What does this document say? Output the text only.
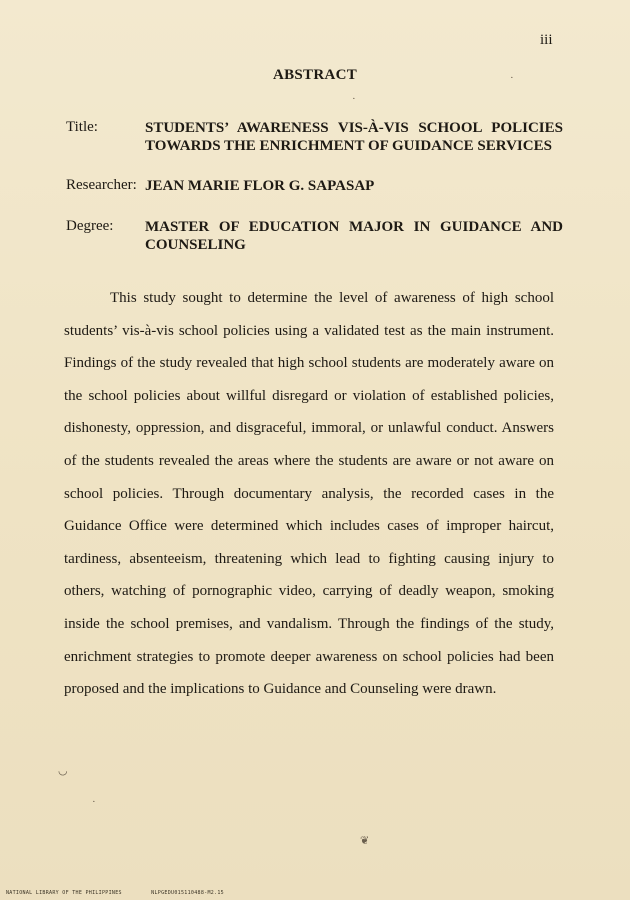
iii
ABSTRACT
Title:	STUDENTS’ AWARENESS VIS-À-VIS SCHOOL POLICIES TOWARDS THE ENRICHMENT OF GUIDANCE SERVICES
Researcher: JEAN MARIE FLOR G. SAPASAP
Degree: MASTER OF EDUCATION MAJOR IN GUIDANCE AND COUNSELING

This study sought to determine the level of awareness of high school students’ vis-à-vis school policies using a validated test as the main instrument. Findings of the study revealed that high school students are moderately aware on the school policies about willful disregard or violation of established policies, dishonesty, oppression, and disgraceful, immoral, or unlawful conduct. Answers of the students revealed the areas where the students are aware or not aware on school policies. Through documentary analysis, the recorded cases in the Guidance Office were determined which includes cases of improper haircut, tardiness, absenteeism, threatening which lead to fighting causing injury to others, watching of pornographic video, carrying of deadly weapon, smoking inside the school premises, and vandalism. Through the findings of the study, enrichment strategies to promote deeper awareness on school policies had been proposed and the implications to Guidance and Counseling were drawn.

·
·
◡
·
❦
NATIONAL LIBRARY OF THE PHILIPPINES	NLPGEDU015110488-M2.15
